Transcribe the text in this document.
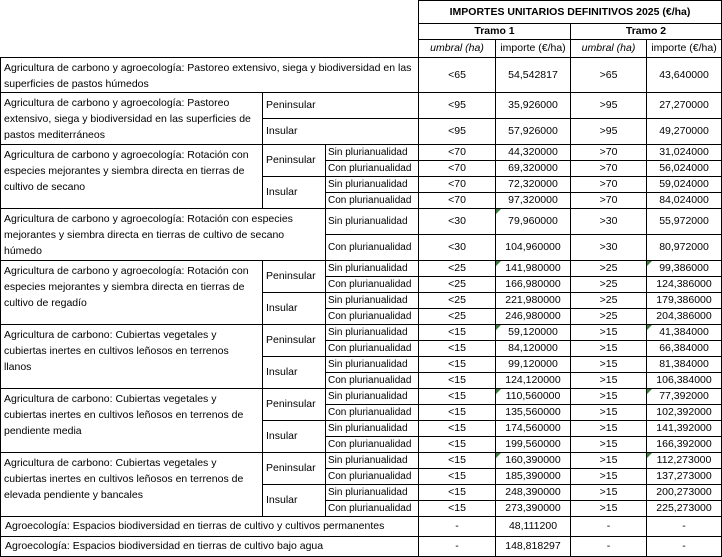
			IMPORTES UNITARIOS DEFINITIVOS 2025 (€/ha)			
			Tramo 1		Tramo 2	
			umbral (ha)	importe (€/ha)	umbral (ha)	importe (€/ha)
Agricultura de carbono y agroecología: Pastoreo extensivo, siega y biodiversidad en las superficies de pastos húmedos			<65	54,542817	>65	43,640000
Agricultura de carbono y agroecología: Pastoreo extensivo, siega y biodiversidad en las superficies de pastos mediterráneos	Peninsular		<95	35,926000	>95	27,270000
	Insular		<95	57,926000	>95	49,270000
Agricultura de carbono y agroecología: Rotación con especies mejorantes y siembra directa en tierras de cultivo de secano	Peninsular	Sin plurianualidad	<70	44,320000	>70	31,024000
		Con plurianualidad	<70	69,320000	>70	56,024000
	Insular	Sin plurianualidad	<70	72,320000	>70	59,024000
		Con plurianualidad	<70	97,320000	>70	84,024000
Agricultura de carbono y agroecología: Rotación con especies mejorantes y siembra directa en tierras de cultivo de secano húmedo		Sin plurianualidad	<30	79,960000	>30	55,972000
		Con plurianualidad	<30	104,960000	>30	80,972000
Agricultura de carbono y agroecología: Rotación con especies mejorantes y siembra directa en tierras de cultivo de regadío	Peninsular	Sin plurianualidad	<25	141,980000	>25	99,386000
		Con plurianualidad	<25	166,980000	>25	124,386000
	Insular	Sin plurianualidad	<25	221,980000	>25	179,386000
		Con plurianualidad	<25	246,980000	>25	204,386000
Agricultura de carbono: Cubiertas vegetales y cubiertas inertes en cultivos leñosos en terrenos llanos	Peninsular	Sin plurianualidad	<15	59,120000	>15	41,384000
		Con plurianualidad	<15	84,120000	>15	66,384000
	Insular	Sin plurianualidad	<15	99,120000	>15	81,384000
		Con plurianualidad	<15	124,120000	>15	106,384000
Agricultura de carbono: Cubiertas vegetales y cubiertas inertes en cultivos leñosos en terrenos de pendiente media	Peninsular	Sin plurianualidad	<15	110,560000	>15	77,392000
		Con plurianualidad	<15	135,560000	>15	102,392000
	Insular	Sin plurianualidad	<15	174,560000	>15	141,392000
		Con plurianualidad	<15	199,560000	>15	166,392000
Agricultura de carbono: Cubiertas vegetales y cubiertas inertes en cultivos leñosos en terrenos de elevada pendiente y bancales	Peninsular	Sin plurianualidad	<15	160,390000	>15	112,273000
		Con plurianualidad	<15	185,390000	>15	137,273000
	Insular	Sin plurianualidad	<15	248,390000	>15	200,273000
		Con plurianualidad	<15	273,390000	>15	225,273000
Agroecología: Espacios biodiversidad en tierras de cultivo y cultivos permanentes			-	48,111200	-	-
Agroecología: Espacios biodiversidad en tierras de cultivo bajo agua			-	148,818297	-	-
